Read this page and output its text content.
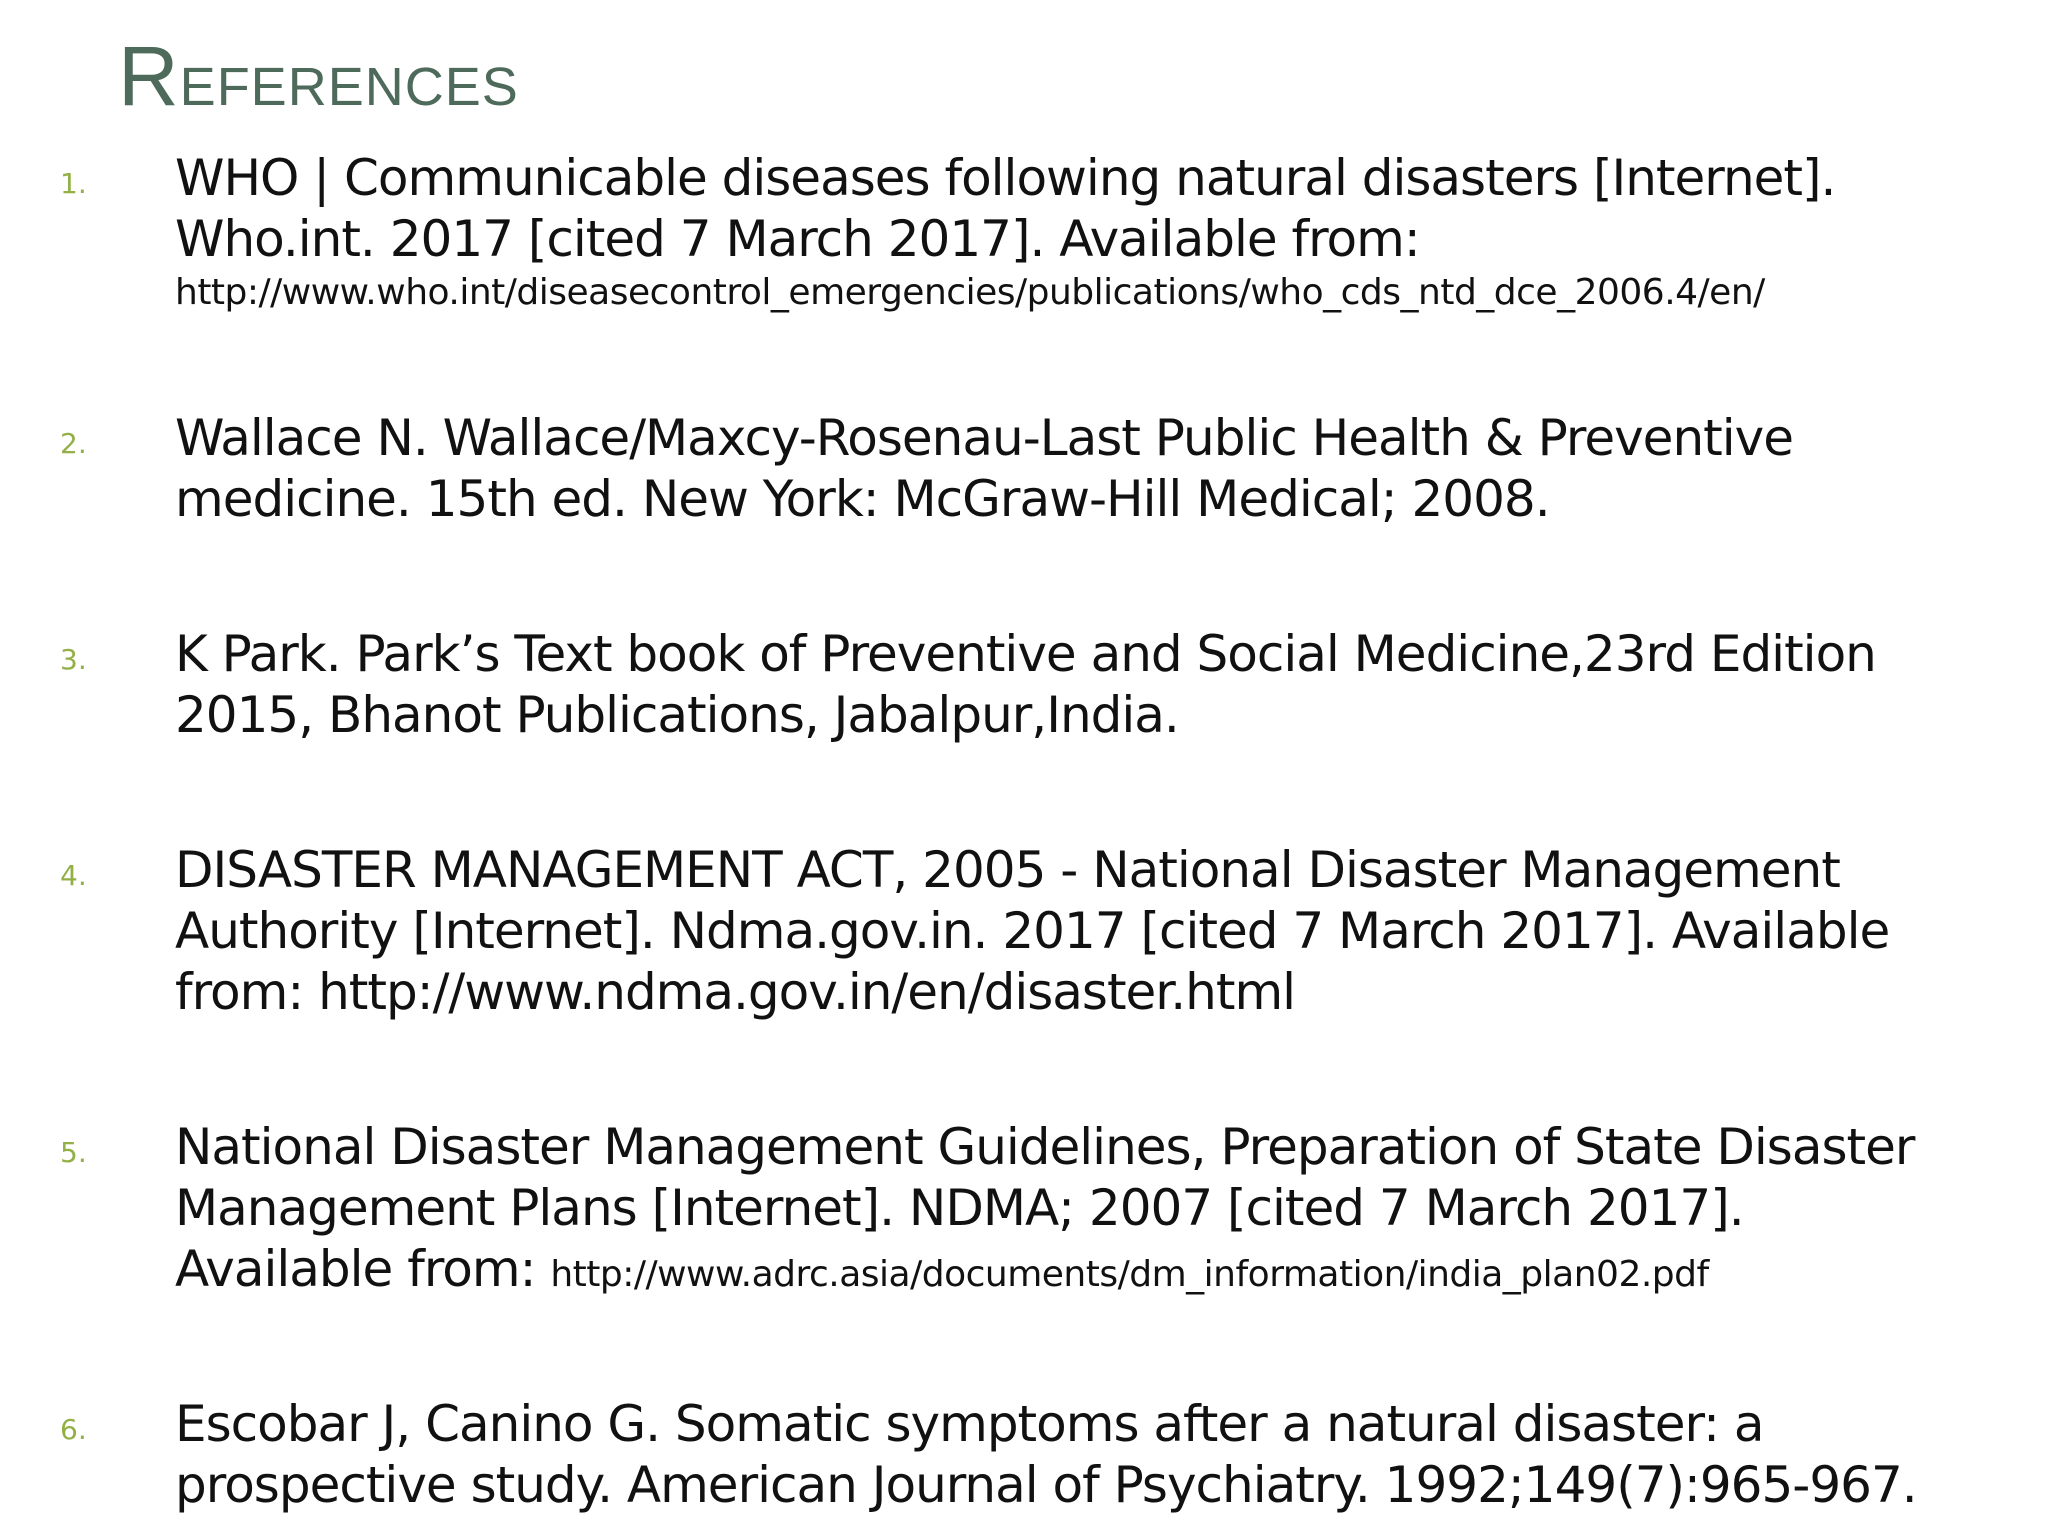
REFERENCES
1. WHO | Communicable diseases following natural disasters [Internet].
Who.int. 2017 [cited 7 March 2017]. Available from:
http://www.who.int/diseasecontrol_emergencies/publications/who_cds_ntd_dce_2006.4/en/
2. Wallace N. Wallace/Maxcy-Rosenau-Last Public Health & Preventive
medicine. 15th ed. New York: McGraw-Hill Medical; 2008.
3. K Park. Park’s Text book of Preventive and Social Medicine,23rd Edition
2015, Bhanot Publications, Jabalpur,India.
4. DISASTER MANAGEMENT ACT, 2005 - National Disaster Management
Authority [Internet]. Ndma.gov.in. 2017 [cited 7 March 2017]. Available
from: http://www.ndma.gov.in/en/disaster.html
5. National Disaster Management Guidelines, Preparation of State Disaster
Management Plans [Internet]. NDMA; 2007 [cited 7 March 2017].
Available from: http://www.adrc.asia/documents/dm_information/india_plan02.pdf
6. Escobar J, Canino G. Somatic symptoms after a natural disaster: a
prospective study. American Journal of Psychiatry. 1992;149(7):965-967.
